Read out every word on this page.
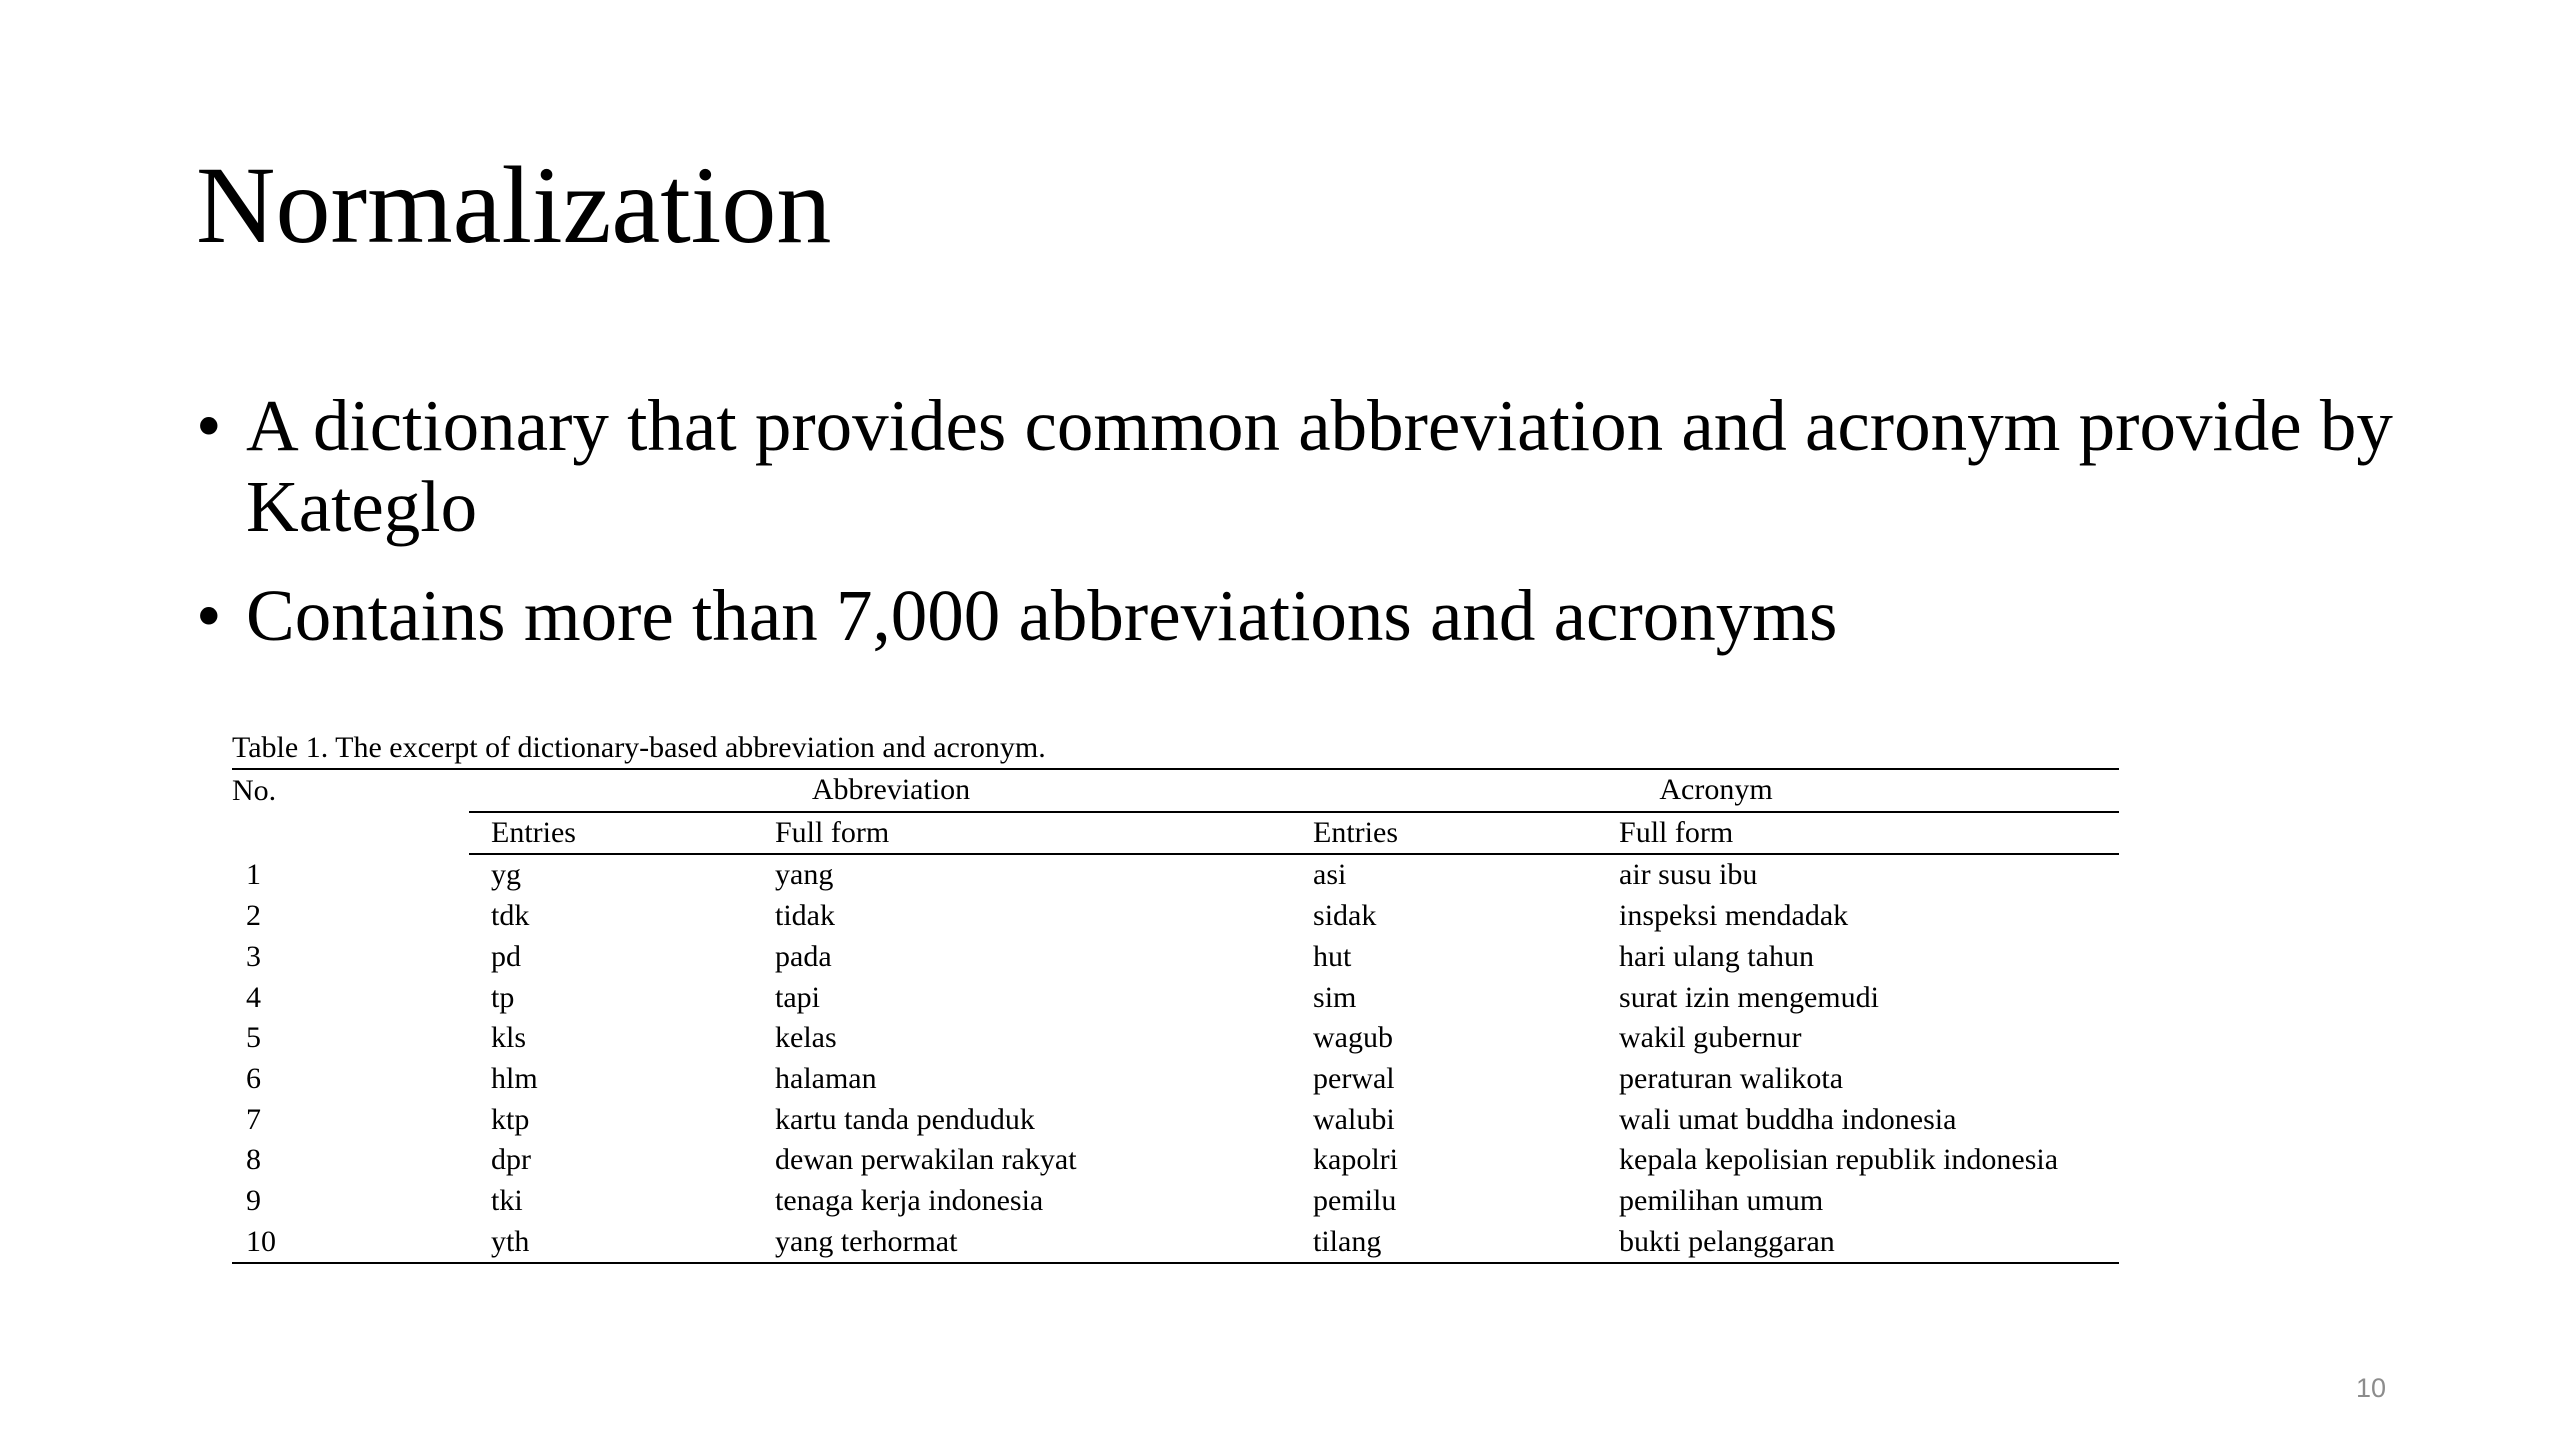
Normalization
• A dictionary that provides common abbreviation and acronym provide by Kateglo
• Contains more than 7,000 abbreviations and acronyms
Table 1. The excerpt of dictionary-based abbreviation and acronym.
No.	Abbreviation		Acronym	
	Entries	Full form	Entries	Full form
1	yg	yang	asi	air susu ibu
2	tdk	tidak	sidak	inspeksi mendadak
3	pd	pada	hut	hari ulang tahun
4	tp	tapi	sim	surat izin mengemudi
5	kls	kelas	wagub	wakil gubernur
6	hlm	halaman	perwal	peraturan walikota
7	ktp	kartu tanda penduduk	walubi	wali umat buddha indonesia
8	dpr	dewan perwakilan rakyat	kapolri	kepala kepolisian republik indonesia
9	tki	tenaga kerja indonesia	pemilu	pemilihan umum
10	yth	yang terhormat	tilang	bukti pelanggaran
10
